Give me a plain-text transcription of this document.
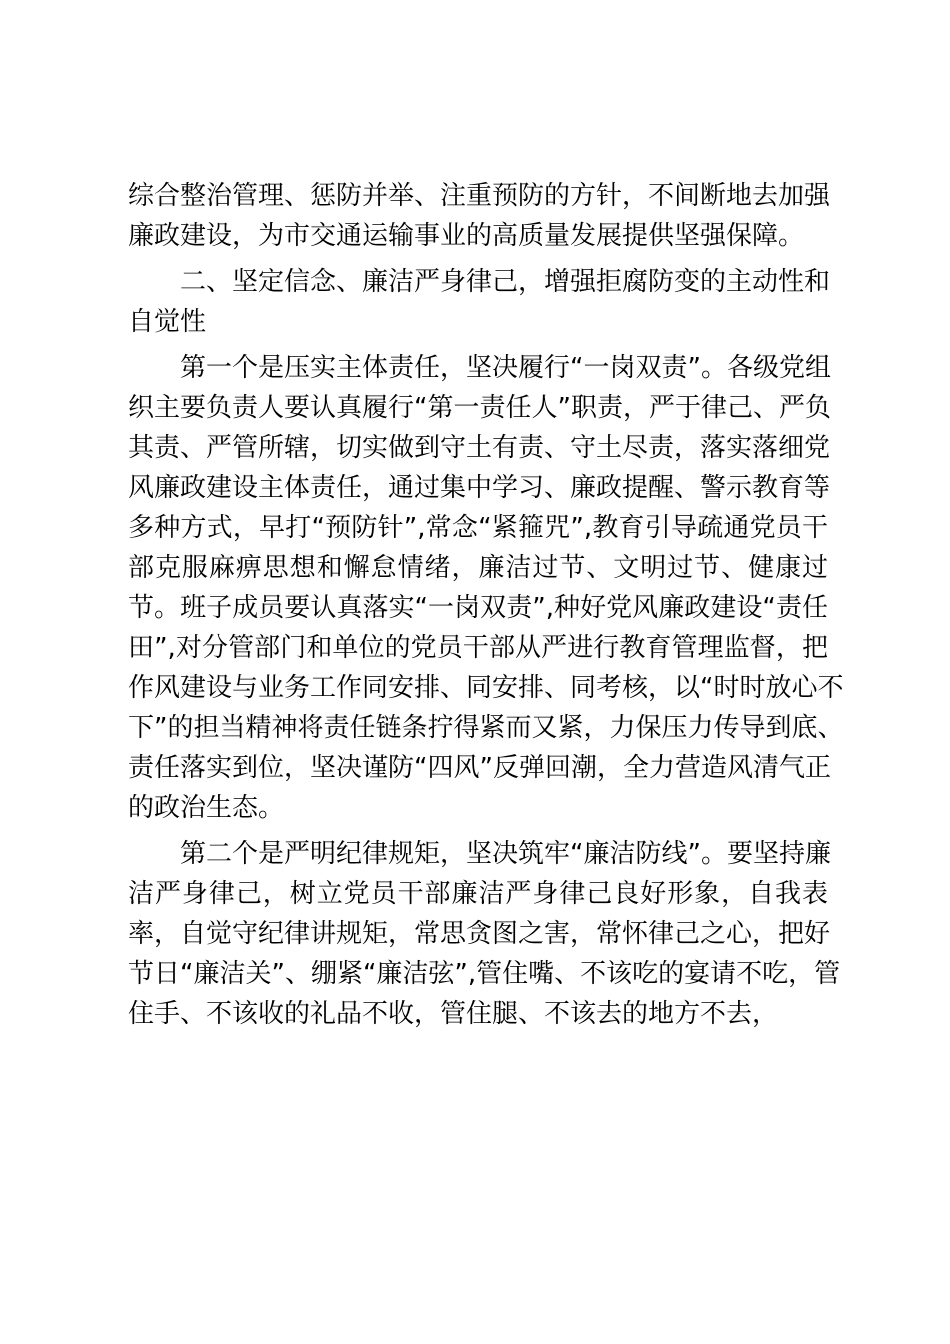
综合整治管理、惩防并举、注重预防的方针，不间断地去加强
廉政建设，为市交通运输事业的高质量发展提供坚强保障。
二、坚定信念、廉洁严身律己，增强拒腐防变的主动性和
自觉性
第一个是压实主体责任，坚决履行“一岗双责”。各级党组
织主要负责人要认真履行“第一责任人”职责，严于律己、严负
其责、严管所辖，切实做到守土有责、守土尽责，落实落细党
风廉政建设主体责任，通过集中学习、廉政提醒、警示教育等
多种方式，早打“预防针”,常念“紧箍咒”,教育引导疏通党员干
部克服麻痹思想和懈怠情绪，廉洁过节、文明过节、健康过
节。班子成员要认真落实“一岗双责”,种好党风廉政建设“责任
田”,对分管部门和单位的党员干部从严进行教育管理监督，把
作风建设与业务工作同安排、同安排、同考核，以“时时放心不
下”的担当精神将责任链条拧得紧而又紧，力保压力传导到底、
责任落实到位，坚决谨防“四风”反弹回潮，全力营造风清气正
的政治生态。
第二个是严明纪律规矩，坚决筑牢“廉洁防线”。要坚持廉
洁严身律己，树立党员干部廉洁严身律己良好形象，自我表
率，自觉守纪律讲规矩，常思贪图之害，常怀律己之心，把好
节日“廉洁关”、绷紧“廉洁弦”,管住嘴、不该吃的宴请不吃，管
住手、不该收的礼品不收，管住腿、不该去的地方不去，
